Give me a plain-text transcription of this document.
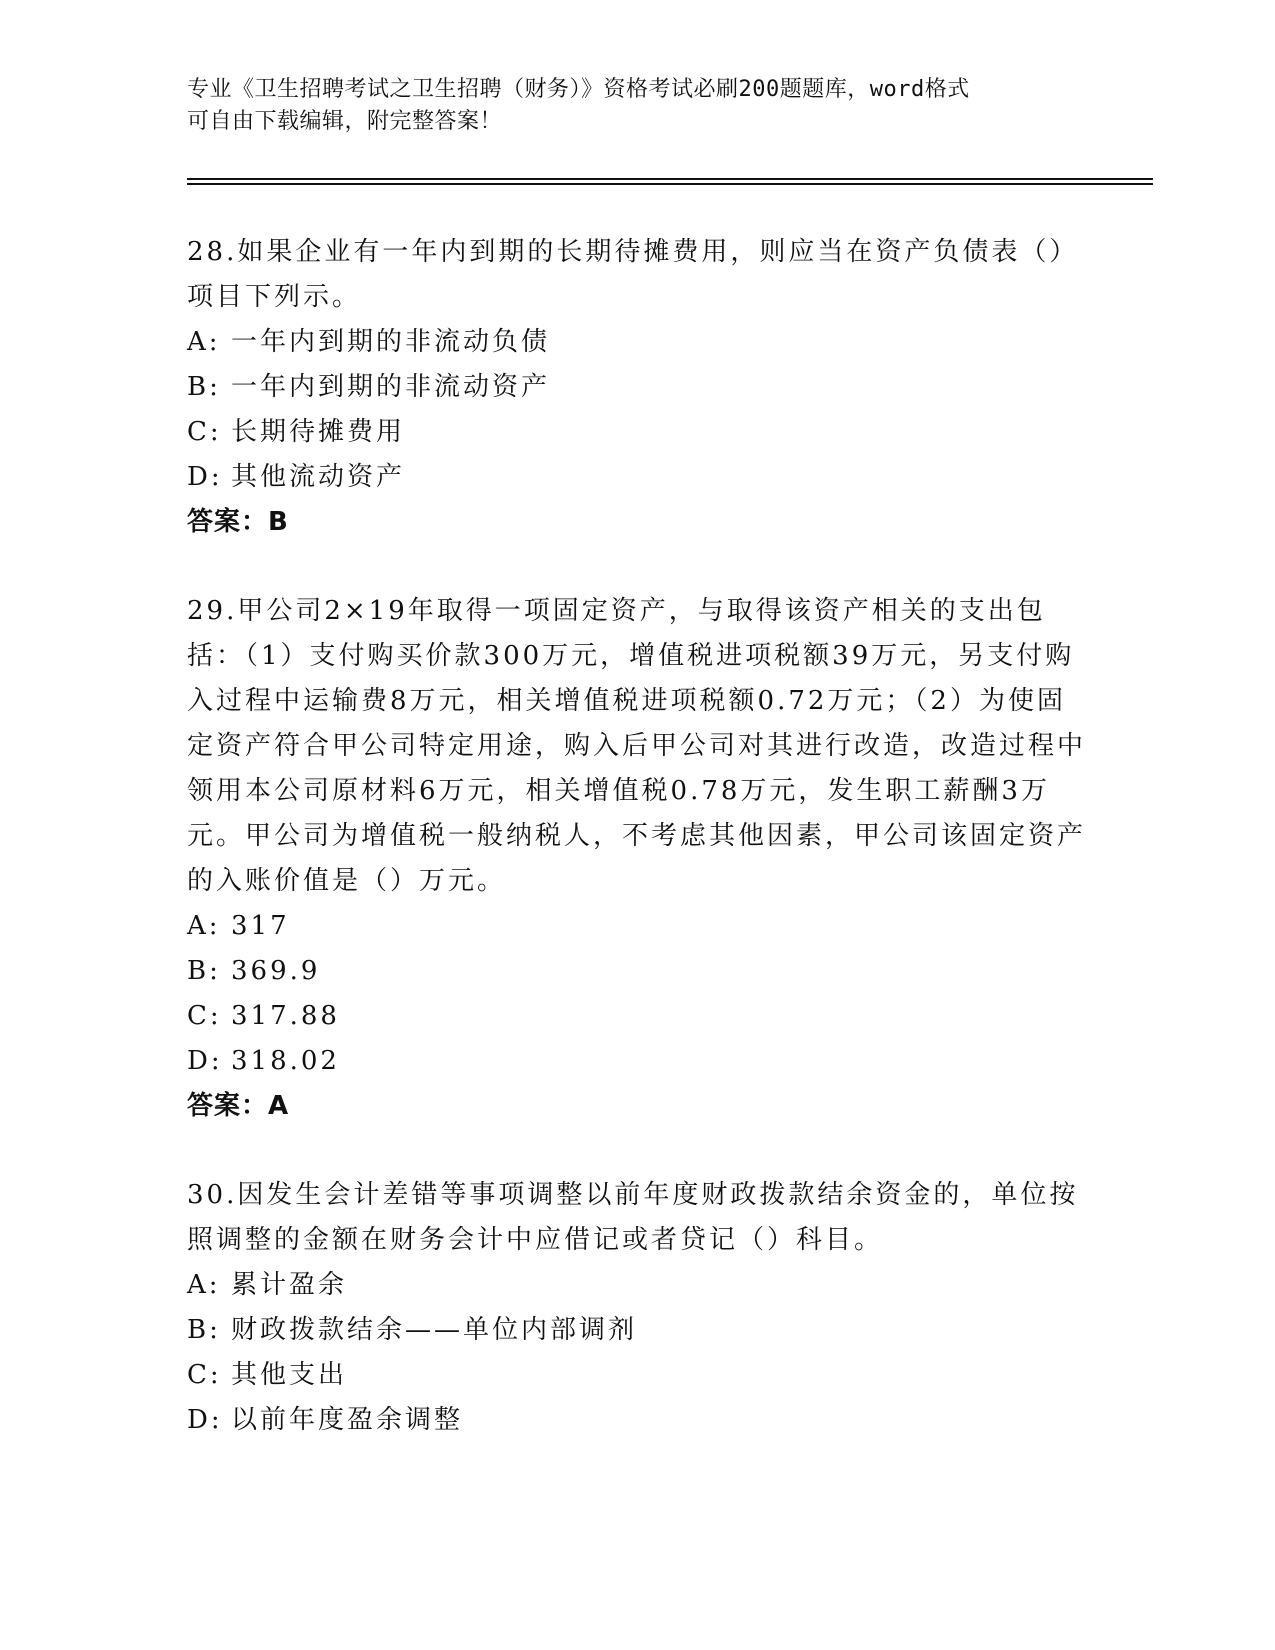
专业《卫生招聘考试之卫生招聘（财务）》资格考试必刷200题题库，word格式
可自由下载编辑，附完整答案！

28.如果企业有一年内到期的长期待摊费用，则应当在资产负债表（）项目下列示。

A: 一年内到期的非流动负债
B: 一年内到期的非流动资产
C: 长期待摊费用
D: 其他流动资产
答案：B

29.甲公司2×19年取得一项固定资产，与取得该资产相关的支出包括：（1）支付购买价款300万元，增值税进项税额39万元，另支付购入过程中运输费8万元，相关增值税进项税额0.72万元；（2）为使固定资产符合甲公司特定用途，购入后甲公司对其进行改造，改造过程中领用本公司原材料6万元，相关增值税0.78万元，发生职工薪酬3万元。甲公司为增值税一般纳税人，不考虑其他因素，甲公司该固定资产的入账价值是（）万元。

A: 317
B: 369.9
C: 317.88
D: 318.02
答案：A

30.因发生会计差错等事项调整以前年度财政拨款结余资金的，单位按照调整的金额在财务会计中应借记或者贷记（）科目。

A: 累计盈余
B: 财政拨款结余——单位内部调剂
C: 其他支出
D: 以前年度盈余调整
